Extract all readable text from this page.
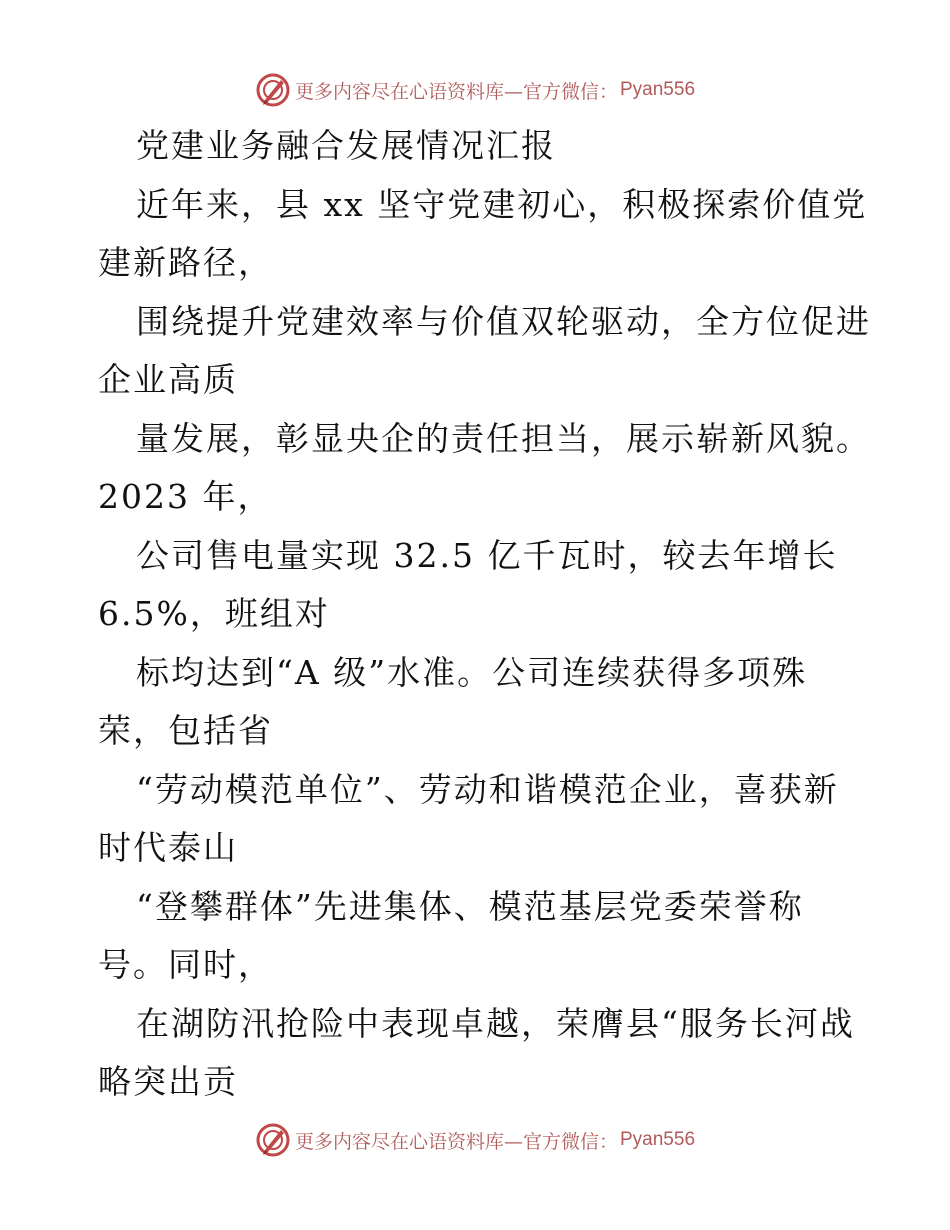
更多内容尽在心语资料库—官方微信： Pyan556
党建业务融合发展情况汇报
近年来，县 xx 坚守党建初心，积极探索价值党
建新路径，
围绕提升党建效率与价值双轮驱动，全方位促进
企业高质
量发展，彰显央企的责任担当，展示崭新风貌。
2023 年，
公司售电量实现 32.5 亿千瓦时，较去年增长
6.5%，班组对
标均达到“A 级”水准。公司连续获得多项殊
荣，包括省
“劳动模范单位”、劳动和谐模范企业，喜获新
时代泰山
“登攀群体”先进集体、模范基层党委荣誉称
号。同时，
在湖防汛抢险中表现卓越，荣膺县“服务长河战
略突出贡
更多内容尽在心语资料库—官方微信： Pyan556
